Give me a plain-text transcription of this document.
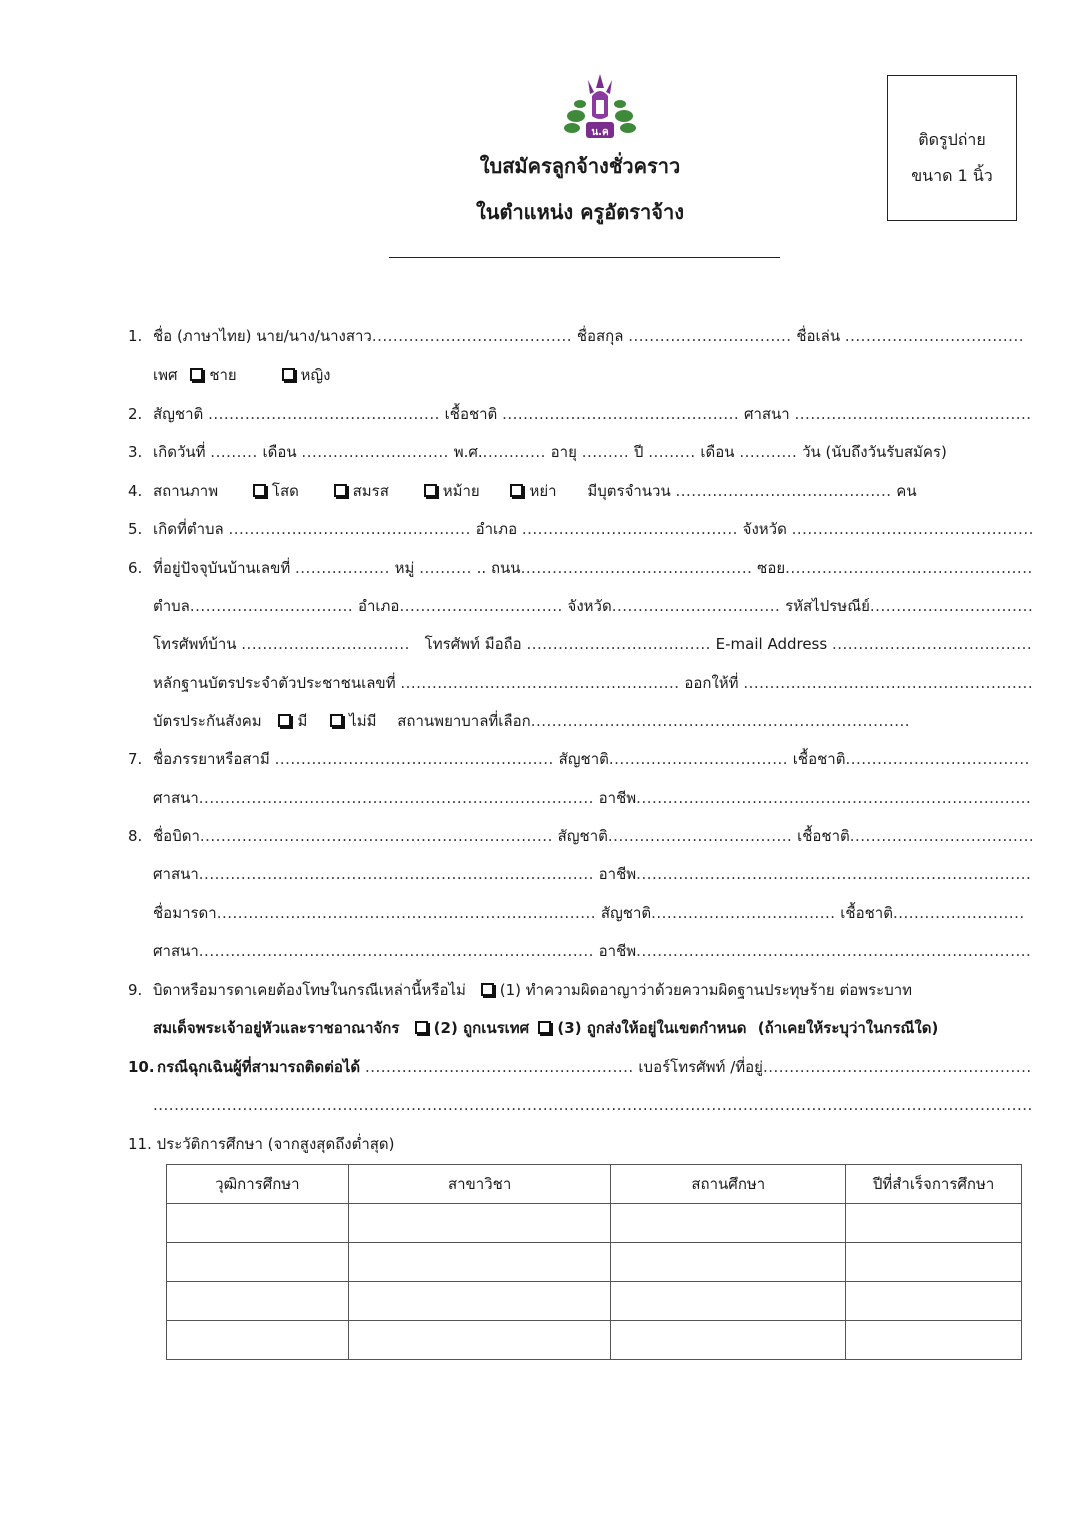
น.ค
ใบสมัครลูกจ้างชั่วคราว
ในตำแหน่ง ครูอัตราจ้าง
ติดรูปถ่าย
ขนาด 1 นิ้ว
1. ชื่อ (ภาษาไทย) นาย/นาง/นางสาว...................................... ชื่อสกุล ............................... ชื่อเล่น ..................................
เพศ ชาย	หญิง
2. สัญชาติ ............................................ เชื้อชาติ ............................................. ศาสนา .............................................
3. เกิดวันที่ ......... เดือน ............................ พ.ศ............. อายุ ......... ปี ......... เดือน ........... วัน (นับถึงวันรับสมัคร)
4. สถานภาพ	โสด	สมรส	หม้าย	หย่า มีบุตรจำนวน ......................................... คน
5. เกิดที่ตำบล .............................................. อำเภอ ......................................... จังหวัด ..............................................
6. ที่อยู่ปัจจุบันบ้านเลขที่ .................. หมู่ .......... .. ถนน............................................ ซอย...............................................
ตำบล............................... อำเภอ............................... จังหวัด................................ รหัสไปรษณีย์...............................
โทรศัพท์บ้าน ................................ โทรศัพท์ มือถือ ................................... E-mail Address ......................................
หลักฐานบัตรประจำตัวประชาชนเลขที่ ..................................................... ออกให้ที่ .......................................................
บัตรประกันสังคม มี	ไม่มี สถานพยาบาลที่เลือก........................................................................
7. ชื่อภรรยาหรือสามี ..................................................... สัญชาติ.................................. เชื้อชาติ...................................
ศาสนา........................................................................... อาชีพ...........................................................................
8. ชื่อบิดา................................................................... สัญชาติ................................... เชื้อชาติ...................................
ศาสนา........................................................................... อาชีพ...........................................................................
ชื่อมารดา........................................................................ สัญชาติ................................... เชื้อชาติ.........................
ศาสนา........................................................................... อาชีพ...........................................................................
9. บิดาหรือมารดาเคยต้องโทษในกรณีเหล่านี้หรือไม่ (1) ทำความผิดอาญาว่าด้วยความผิดฐานประทุษร้าย ต่อพระบาท
สมเด็จพระเจ้าอยู่หัวและราชอาณาจักร (2) ถูกเนรเทศ (3) ถูกส่งให้อยู่ในเขตกำหนด (ถ้าเคยให้ระบุว่าในกรณีใด)
10. กรณีฉุกเฉินผู้ที่สามารถติดต่อได้ ................................................... เบอร์โทรศัพท์ /ที่อยู่...................................................
.......................................................................................................................................................................
11. ประวัติการศึกษา (จากสูงสุดถึงต่ำสุด)
วุฒิการศึกษา	สาขาวิชา	สถานศึกษา	ปีที่สำเร็จการศึกษา
